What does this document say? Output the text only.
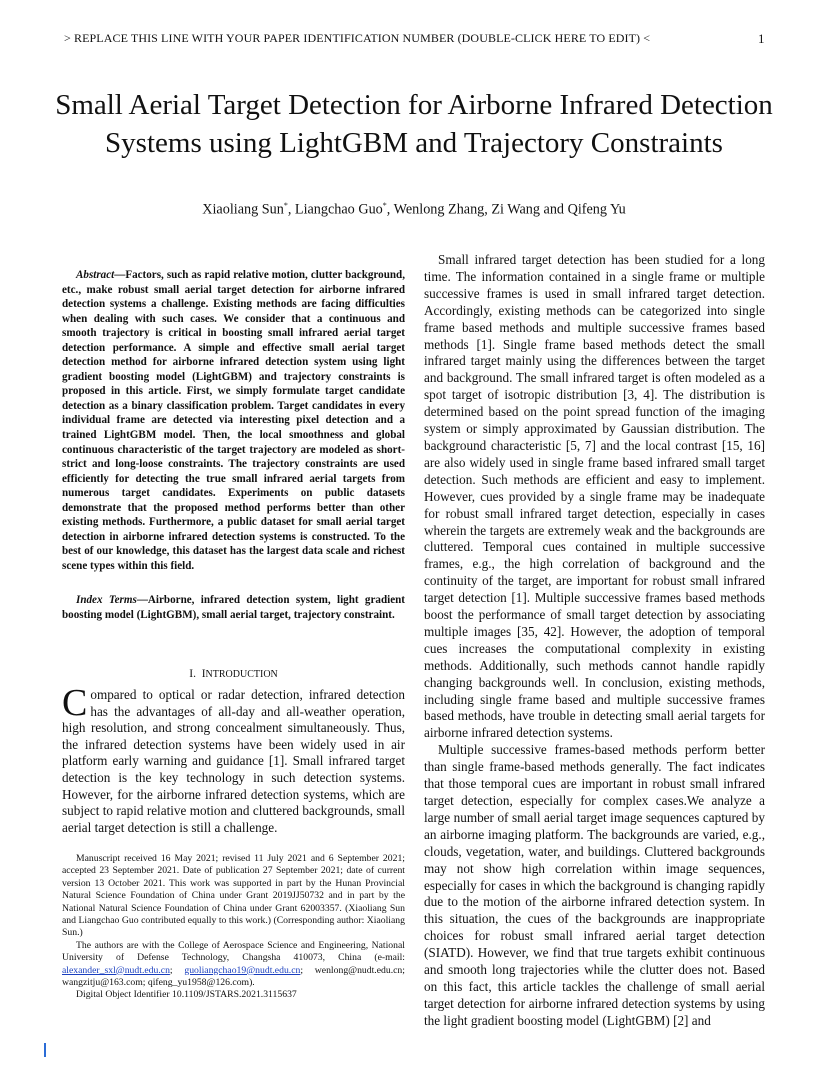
> REPLACE THIS LINE WITH YOUR PAPER IDENTIFICATION NUMBER (DOUBLE-CLICK HERE TO EDIT) <	1
Small Aerial Target Detection for Airborne Infrared Detection Systems using LightGBM and Trajectory Constraints
Xiaoliang Sun*, Liangchao Guo*, Wenlong Zhang, Zi Wang and Qifeng Yu

Abstract—Factors, such as rapid relative motion, clutter background, etc., make robust small aerial target detection for airborne infrared detection systems a challenge. Existing methods are facing difficulties when dealing with such cases. We consider that a continuous and smooth trajectory is critical in boosting small infrared aerial target detection performance. A simple and effective small aerial target detection method for airborne infrared detection system using light gradient boosting model (LightGBM) and trajectory constraints is proposed in this article. First, we simply formulate target candidate detection as a binary classification problem. Target candidates in every individual frame are detected via interesting pixel detection and a trained LightGBM model. Then, the local smoothness and global continuous characteristic of the target trajectory are modeled as short-strict and long-loose constraints. The trajectory constraints are used efficiently for detecting the true small infrared aerial targets from numerous target candidates. Experiments on public datasets demonstrate that the proposed method performs better than other existing methods. Furthermore, a public dataset for small aerial target detection in airborne infrared detection systems is constructed. To the best of our knowledge, this dataset has the largest data scale and richest scene types within this field.

Index Terms—Airborne, infrared detection system, light gradient boosting model (LightGBM), small aerial target, trajectory constraint.

I. INTRODUCTION

Compared to optical or radar detection, infrared detection has the advantages of all-day and all-weather operation, high resolution, and strong concealment simultaneously. Thus, the infrared detection systems have been widely used in air platform early warning and guidance [1]. Small infrared target detection is the key technology in such detection systems. However, for the airborne infrared detection systems, which are subject to rapid relative motion and cluttered backgrounds, small aerial target detection is still a challenge.

Manuscript received 16 May 2021; revised 11 July 2021 and 6 September 2021; accepted 23 September 2021. Date of publication 27 September 2021; date of current version 13 October 2021. This work was supported in part by the Hunan Provincial Natural Science Foundation of China under Grant 2019JJ50732 and in part by the National Natural Science Foundation of China under Grant 62003357. (Xiaoliang Sun and Liangchao Guo contributed equally to this work.) (Corresponding author: Xiaoliang Sun.)

The authors are with the College of Aerospace Science and Engineering, National University of Defense Technology, Changsha 410073, China (e-mail: alexander_sxl@nudt.edu.cn; guoliangchao19@nudt.edu.cn; wenlong@nudt.edu.cn; wangzitju@163.com; qifeng_yu1958@126.com).

Digital Object Identifier 10.1109/JSTARS.2021.3115637

Small infrared target detection has been studied for a long time. The information contained in a single frame or multiple successive frames is used in small infrared target detection. Accordingly, existing methods can be categorized into single frame based methods and multiple successive frames based methods [1]. Single frame based methods detect the small infrared target mainly using the differences between the target and background. The small infrared target is often modeled as a spot target of isotropic distribution [3, 4]. The distribution is determined based on the point spread function of the imaging system or simply approximated by Gaussian distribution. The background characteristic [5, 7] and the local contrast [15, 16] are also widely used in single frame based infrared small target detection. Such methods are efficient and easy to implement. However, cues provided by a single frame may be inadequate for robust small infrared target detection, especially in cases wherein the targets are extremely weak and the backgrounds are cluttered. Temporal cues contained in multiple successive frames, e.g., the high correlation of background and the continuity of the target, are important for robust small infrared target detection [1]. Multiple successive frames based methods boost the performance of small target detection by associating multiple images [35, 42]. However, the adoption of temporal cues increases the computational complexity in existing methods. Additionally, such methods cannot handle rapidly changing backgrounds well. In conclusion, existing methods, including single frame based and multiple successive frames based methods, have trouble in detecting small aerial targets for airborne infrared detection systems.

Multiple successive frames-based methods perform better than single frame-based methods generally. The fact indicates that those temporal cues are important in robust small infrared target detection, especially for complex cases.We analyze a large number of small aerial target image sequences captured by an airborne imaging platform. The backgrounds are varied, e.g., clouds, vegetation, water, and buildings. Cluttered backgrounds may not show high correlation within image sequences, especially for cases in which the background is changing rapidly due to the motion of the airborne infrared detection system. In this situation, the cues of the backgrounds are inappropriate choices for robust small infrared aerial target detection (SIATD). However, we find that true targets exhibit continuous and smooth long trajectories while the clutter does not. Based on this fact, this article tackles the challenge of small aerial target detection for airborne infrared detection systems by using the light gradient boosting model (LightGBM) [2] and
